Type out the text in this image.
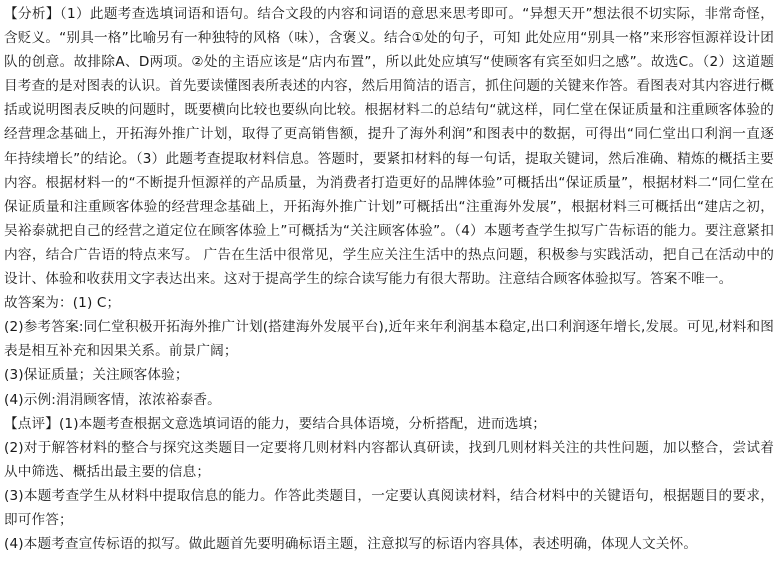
【分析】（1）此题考查选填词语和语句。结合文段的内容和词语的意思来思考即可。“异想天开”想法很不切实际，非常奇怪，含贬义。“别具一格”比喻另有一种独特的风格（味），含褒义。结合①处的句子，可知 此处应用“别具一格”来形容恒源祥设计团队的创意。故排除A、D两项。②处的主语应该是“店内布置”，所以此处应填写“使顾客有宾至如归之感”。故选C。（2）这道题目考查的是对图表的认识。首先要读懂图表所表述的内容，然后用简洁的语言，抓住问题的关键来作答。看图表对其内容进行概括或说明图表反映的问题时，既要横向比较也要纵向比较。根据材料二的总结句“就这样，同仁堂在保证质量和注重顾客体验的经营理念基础上，开拓海外推广计划，取得了更高销售额，提升了海外利润”和图表中的数据，可得出“同仁堂出口利润一直逐年持续增长”的结论。（3）此题考查提取材料信息。答题时，要紧扣材料的每一句话，提取关键词，然后准确、精炼的概括主要内容。根据材料一的“不断提升恒源祥的产品质量，为消费者打造更好的品牌体验”可概括出“保证质量”，根据材料二“同仁堂在保证质量和注重顾客体验的经营理念基础上，开拓海外推广计划”可概括出“注重海外发展”，根据材料三可概括出“建店之初，吴裕泰就把自己的经营之道定位在顾客体验上”可概括为“关注顾客体验”。（4）本题考查学生拟写广告标语的能力。要注意紧扣内容，结合广告语的特点来写。 广告在生活中很常见，学生应关注生活中的热点问题，积极参与实践活动，把自己在活动中的设计、体验和收获用文字表达出来。这对于提高学生的综合读写能力有很大帮助。注意结合顾客体验拟写。答案不唯一。

故答案为：(1) C；

(2)参考答案:同仁堂积极开拓海外推广计划(搭建海外发展平台),近年来年利润基本稳定,出口利润逐年增长,发展。可见,材料和图表是相互补充和因果关系。前景广阔；

(3)保证质量；关注顾客体验；

(4)示例:涓涓顾客情，浓浓裕泰香。

【点评】(1)本题考查根据文意选填词语的能力，要结合具体语境，分析搭配，进而选填；

(2)对于解答材料的整合与探究这类题目一定要将几则材料内容都认真研读，找到几则材料关注的共性问题，加以整合，尝试着从中筛选、概括出最主要的信息；

(3)本题考查学生从材料中提取信息的能力。作答此类题目，一定要认真阅读材料，结合材料中的关键语句，根据题目的要求，即可作答；

(4)本题考查宣传标语的拟写。做此题首先要明确标语主题，注意拟写的标语内容具体，表述明确，体现人文关怀。
